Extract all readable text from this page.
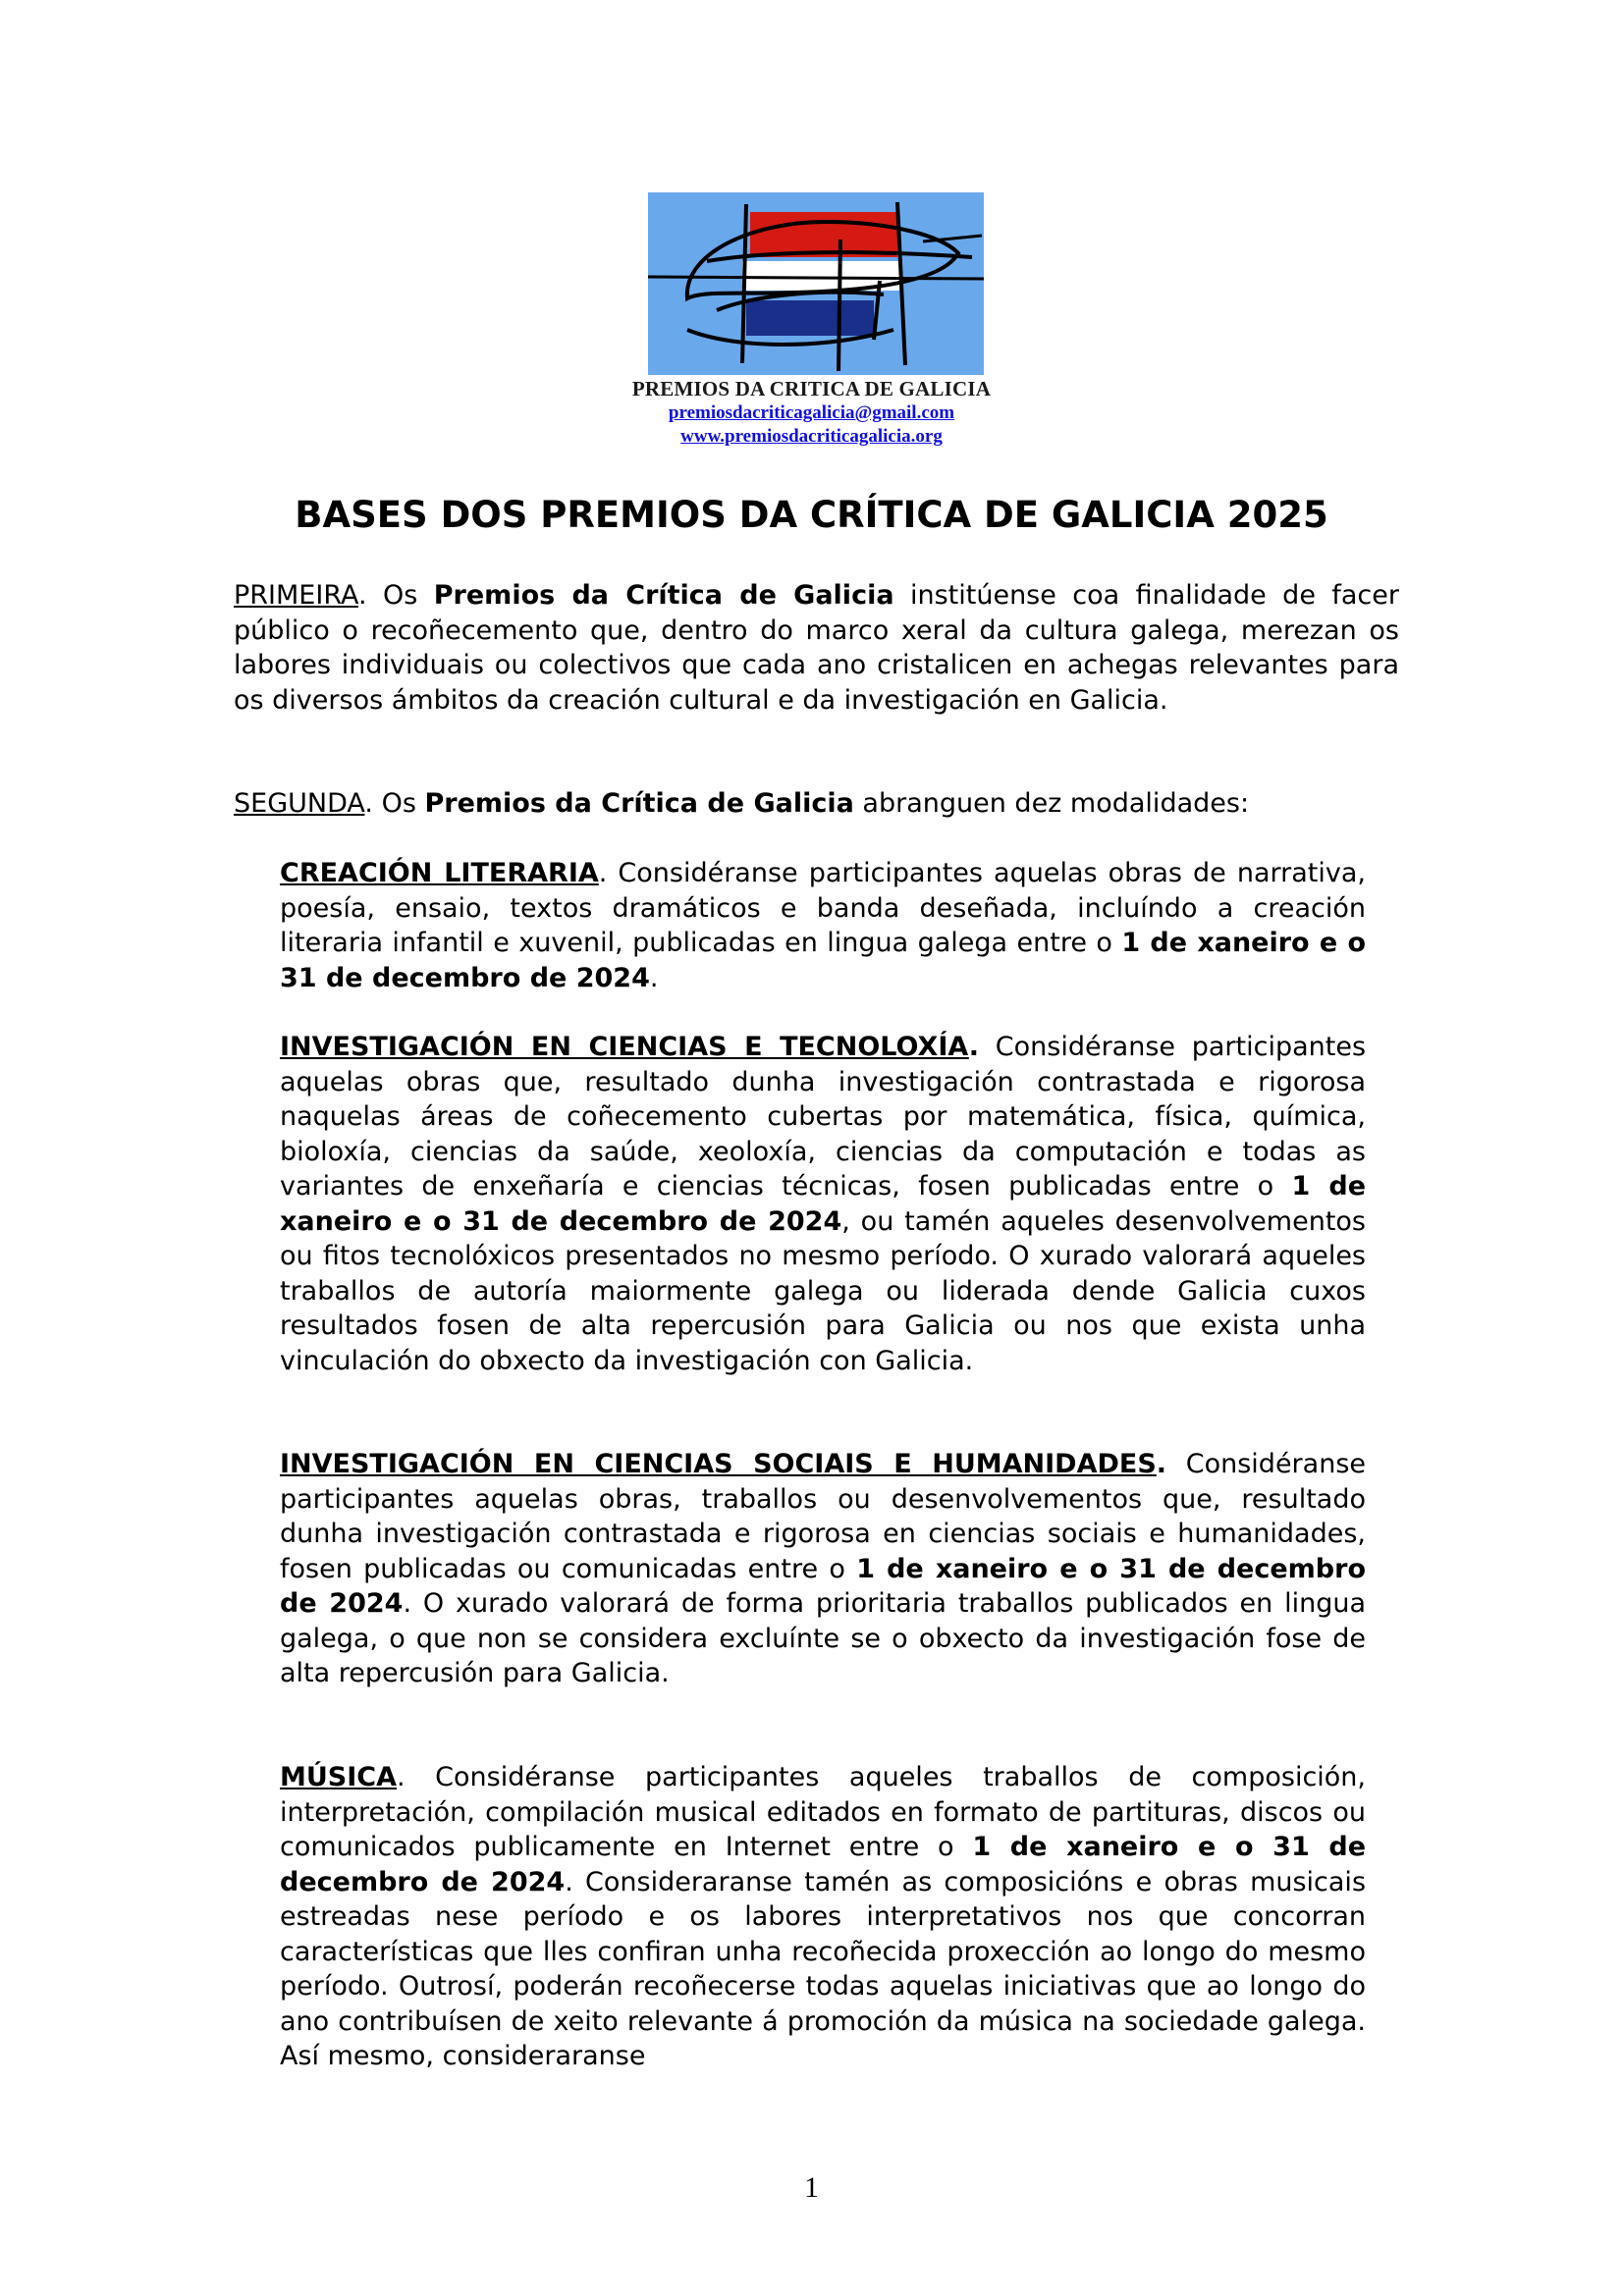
PREMIOS DA CRITICA DE GALICIA
premiosdacriticagalicia@gmail.com
www.premiosdacriticagalicia.org
BASES DOS PREMIOS DA CRÍTICA DE GALICIA 2025

PRIMEIRA. Os Premios da Crítica de Galicia institúense coa finalidade de facer público o recoñecemento que, dentro do marco xeral da cultura galega, merezan os labores individuais ou colectivos que cada ano cristalicen en achegas relevantes para os diversos ámbitos da creación cultural e da investigación en Galicia.

SEGUNDA. Os Premios da Crítica de Galicia abranguen dez modalidades:

CREACIÓN LITERARIA. Considéranse participantes aquelas obras de narrativa, poesía, ensaio, textos dramáticos e banda deseñada, incluíndo a creación literaria infantil e xuvenil, publicadas en lingua galega entre o 1 de xaneiro e o 31 de decembro de 2024.

INVESTIGACIÓN EN CIENCIAS E TECNOLOXÍA. Considéranse participantes aquelas obras que, resultado dunha investigación contrastada e rigorosa naquelas áreas de coñecemento cubertas por matemática, física, química, bioloxía, ciencias da saúde, xeoloxía, ciencias da computación e todas as variantes de enxeñaría e ciencias técnicas, fosen publicadas entre o 1 de xaneiro e o 31 de decembro de 2024, ou tamén aqueles desenvolvementos ou fitos tecnolóxicos presentados no mesmo período. O xurado valorará aqueles traballos de autoría maiormente galega ou liderada dende Galicia cuxos resultados fosen de alta repercusión para Galicia ou nos que exista unha vinculación do obxecto da investigación con Galicia.

INVESTIGACIÓN EN CIENCIAS SOCIAIS E HUMANIDADES. Considéranse participantes aquelas obras, traballos ou desenvolvementos que, resultado dunha investigación contrastada e rigorosa en ciencias sociais e humanidades, fosen publicadas ou comunicadas entre o 1 de xaneiro e o 31 de decembro de 2024. O xurado valorará de forma prioritaria traballos publicados en lingua galega, o que non se considera excluínte se o obxecto da investigación fose de alta repercusión para Galicia.

MÚSICA. Considéranse participantes aqueles traballos de composición, interpretación, compilación musical editados en formato de partituras, discos ou comunicados publicamente en Internet entre o 1 de xaneiro e o 31 de decembro de 2024. Consideraranse tamén as composicións e obras musicais estreadas nese período e os labores interpretativos nos que concorran características que lles confiran unha recoñecida proxección ao longo do mesmo período. Outrosí, poderán recoñecerse todas aquelas iniciativas que ao longo do ano contribuísen de xeito relevante á promoción da música na sociedade galega. Así mesmo, consideraranse

1
